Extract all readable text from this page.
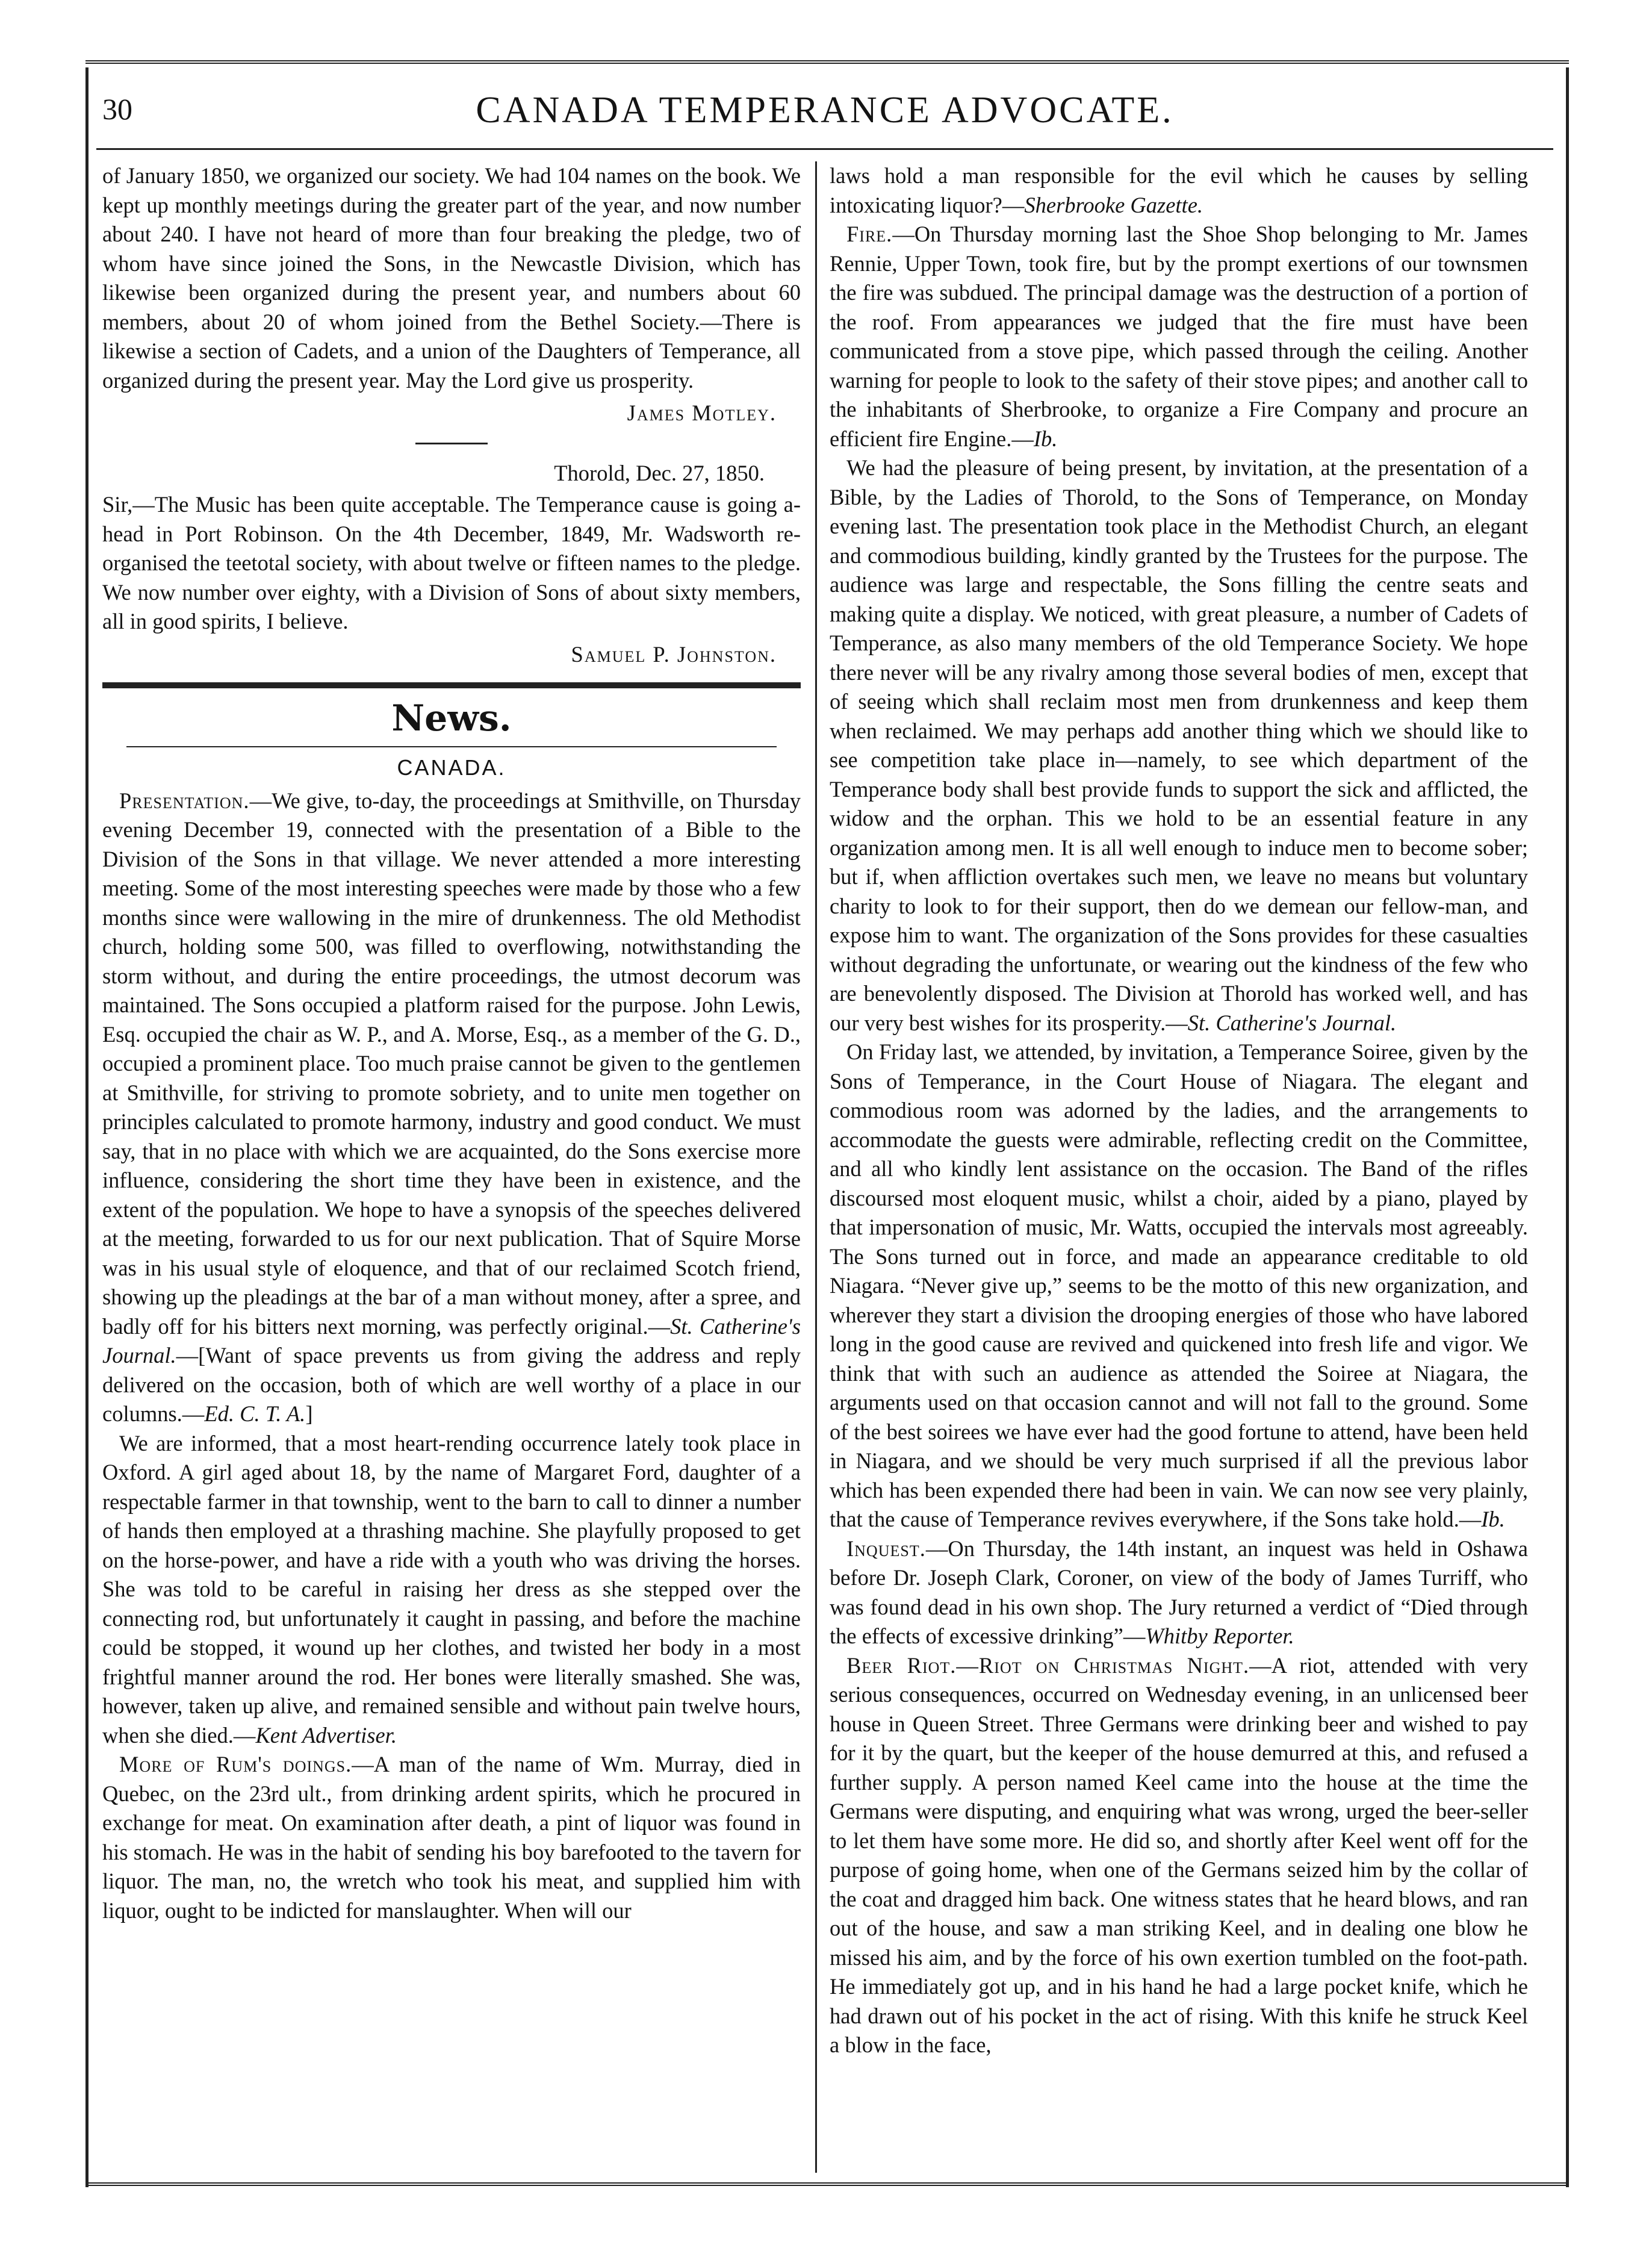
30	CANADA TEMPERANCE ADVOCATE.

of January 1850, we organized our society. We had 104 names on the book. We kept up monthly meetings during the greater part of the year, and now number about 240. I have not heard of more than four breaking the pledge, two of whom have since joined the Sons, in the Newcastle Division, which has likewise been organized during the present year, and numbers about 60 members, about 20 of whom joined from the Bethel Society.—There is likewise a section of Cadets, and a union of the Daughters of Temperance, all organized during the present year. May the Lord give us prosperity.

James Motley.

Thorold, Dec. 27, 1850.

Sir,—The Music has been quite acceptable. The Temperance cause is going a-head in Port Robinson. On the 4th December, 1849, Mr. Wadsworth re-organised the teetotal society, with about twelve or fifteen names to the pledge. We now number over eighty, with a Division of Sons of about sixty members, all in good spirits, I believe.

Samuel P. Johnston.

News.
CANADA.

Presentation.—We give, to-day, the proceedings at Smithville, on Thursday evening December 19, connected with the presentation of a Bible to the Division of the Sons in that village. We never attended a more interesting meeting. Some of the most interesting speeches were made by those who a few months since were wallowing in the mire of drunkenness. The old Methodist church, holding some 500, was filled to overflowing, notwithstanding the storm without, and during the entire proceedings, the utmost decorum was maintained. The Sons occupied a platform raised for the purpose. John Lewis, Esq. occupied the chair as W. P., and A. Morse, Esq., as a member of the G. D., occupied a prominent place. Too much praise cannot be given to the gentlemen at Smithville, for striving to promote sobriety, and to unite men together on principles calculated to promote harmony, industry and good conduct. We must say, that in no place with which we are acquainted, do the Sons exercise more influence, considering the short time they have been in existence, and the extent of the population. We hope to have a synopsis of the speeches delivered at the meeting, forwarded to us for our next publication. That of Squire Morse was in his usual style of eloquence, and that of our reclaimed Scotch friend, showing up the pleadings at the bar of a man without money, after a spree, and badly off for his bitters next morning, was perfectly original.—St. Catherine's Journal.—[Want of space prevents us from giving the address and reply delivered on the occasion, both of which are well worthy of a place in our columns.—Ed. C. T. A.]

We are informed, that a most heart-rending occurrence lately took place in Oxford. A girl aged about 18, by the name of Margaret Ford, daughter of a respectable farmer in that township, went to the barn to call to dinner a number of hands then employed at a thrashing machine. She playfully proposed to get on the horse-power, and have a ride with a youth who was driving the horses. She was told to be careful in raising her dress as she stepped over the connecting rod, but unfortunately it caught in passing, and before the machine could be stopped, it wound up her clothes, and twisted her body in a most frightful manner around the rod. Her bones were literally smashed. She was, however, taken up alive, and remained sensible and without pain twelve hours, when she died.—Kent Advertiser.

More of Rum's doings.—A man of the name of Wm. Murray, died in Quebec, on the 23rd ult., from drinking ardent spirits, which he procured in exchange for meat. On examination after death, a pint of liquor was found in his stomach. He was in the habit of sending his boy barefooted to the tavern for liquor. The man, no, the wretch who took his meat, and supplied him with liquor, ought to be indicted for manslaughter. When will our

laws hold a man responsible for the evil which he causes by selling intoxicating liquor?—Sherbrooke Gazette.

Fire.—On Thursday morning last the Shoe Shop belonging to Mr. James Rennie, Upper Town, took fire, but by the prompt exertions of our townsmen the fire was subdued. The principal damage was the destruction of a portion of the roof. From appearances we judged that the fire must have been communicated from a stove pipe, which passed through the ceiling. Another warning for people to look to the safety of their stove pipes; and another call to the inhabitants of Sherbrooke, to organize a Fire Company and procure an efficient fire Engine.—Ib.

We had the pleasure of being present, by invitation, at the presentation of a Bible, by the Ladies of Thorold, to the Sons of Temperance, on Monday evening last. The presentation took place in the Methodist Church, an elegant and commodious building, kindly granted by the Trustees for the purpose. The audience was large and respectable, the Sons filling the centre seats and making quite a display. We noticed, with great pleasure, a number of Cadets of Temperance, as also many members of the old Temperance Society. We hope there never will be any rivalry among those several bodies of men, except that of seeing which shall reclaim most men from drunkenness and keep them when reclaimed. We may perhaps add another thing which we should like to see competition take place in—namely, to see which department of the Temperance body shall best provide funds to support the sick and afflicted, the widow and the orphan. This we hold to be an essential feature in any organization among men. It is all well enough to induce men to become sober; but if, when affliction overtakes such men, we leave no means but voluntary charity to look to for their support, then do we demean our fellow-man, and expose him to want. The organization of the Sons provides for these casualties without degrading the unfortunate, or wearing out the kindness of the few who are benevolently disposed. The Division at Thorold has worked well, and has our very best wishes for its prosperity.—St. Catherine's Journal.

On Friday last, we attended, by invitation, a Temperance Soiree, given by the Sons of Temperance, in the Court House of Niagara. The elegant and commodious room was adorned by the ladies, and the arrangements to accommodate the guests were admirable, reflecting credit on the Committee, and all who kindly lent assistance on the occasion. The Band of the rifles discoursed most eloquent music, whilst a choir, aided by a piano, played by that impersonation of music, Mr. Watts, occupied the intervals most agreeably. The Sons turned out in force, and made an appearance creditable to old Niagara. “Never give up,” seems to be the motto of this new organization, and wherever they start a division the drooping energies of those who have labored long in the good cause are revived and quickened into fresh life and vigor. We think that with such an audience as attended the Soiree at Niagara, the arguments used on that occasion cannot and will not fall to the ground. Some of the best soirees we have ever had the good fortune to attend, have been held in Niagara, and we should be very much surprised if all the previous labor which has been expended there had been in vain. We can now see very plainly, that the cause of Temperance revives everywhere, if the Sons take hold.—Ib.

Inquest.—On Thursday, the 14th instant, an inquest was held in Oshawa before Dr. Joseph Clark, Coroner, on view of the body of James Turriff, who was found dead in his own shop. The Jury returned a verdict of “Died through the effects of excessive drinking”—Whitby Reporter.

Beer Riot.—Riot on Christmas Night.—A riot, attended with very serious consequences, occurred on Wednesday evening, in an unlicensed beer house in Queen Street. Three Germans were drinking beer and wished to pay for it by the quart, but the keeper of the house demurred at this, and refused a further supply. A person named Keel came into the house at the time the Germans were disputing, and enquiring what was wrong, urged the beer-seller to let them have some more. He did so, and shortly after Keel went off for the purpose of going home, when one of the Germans seized him by the collar of the coat and dragged him back. One witness states that he heard blows, and ran out of the house, and saw a man striking Keel, and in dealing one blow he missed his aim, and by the force of his own exertion tumbled on the foot-path. He immediately got up, and in his hand he had a large pocket knife, which he had drawn out of his pocket in the act of rising. With this knife he struck Keel a blow in the face,
